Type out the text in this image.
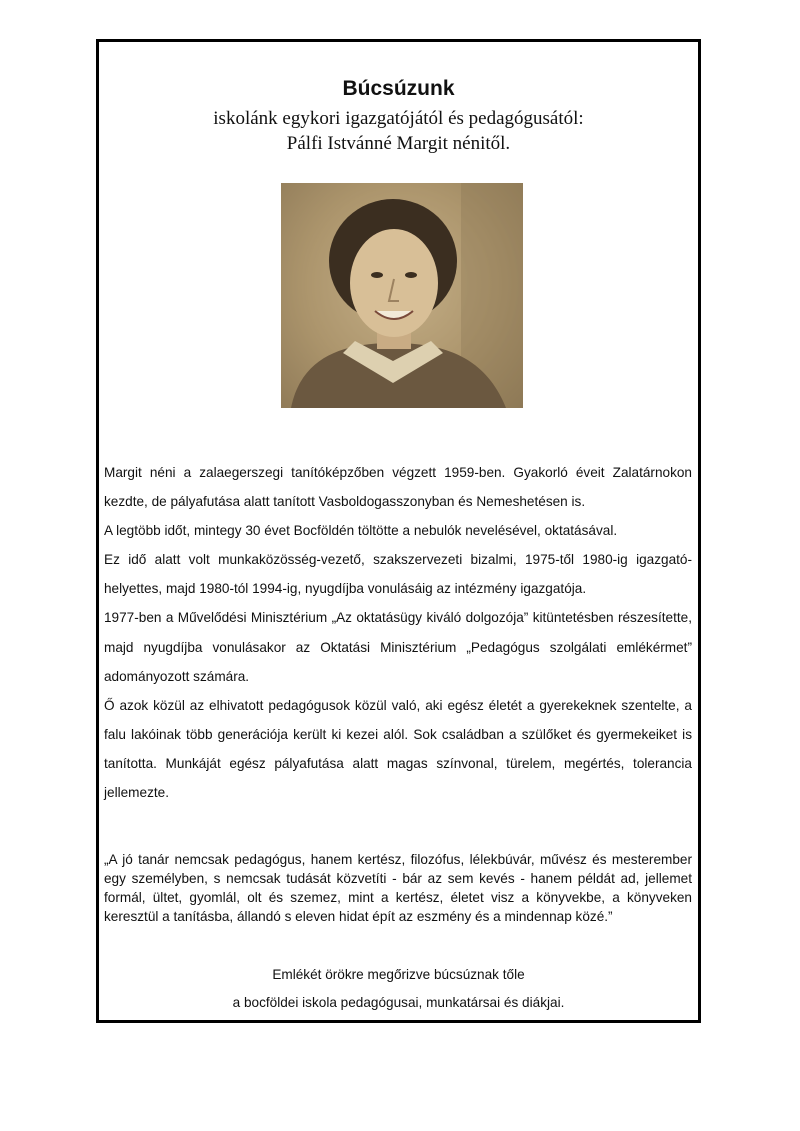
Búcsúzunk
iskolánk egykori igazgatójától és pedagógusától:
Pálfi Istvánné Margit nénitől.

Margit néni a zalaegerszegi tanítóképzőben végzett 1959-ben. Gyakorló éveit Zalatárnokon kezdte, de pályafutása alatt tanított Vasboldogasszonyban és Nemeshetésen is.

A legtöbb időt, mintegy 30 évet Bocföldén töltötte a nebulók nevelésével, oktatásával.

Ez idő alatt volt munkaközösség-vezető, szakszervezeti bizalmi, 1975-től 1980-ig igazgató-helyettes, majd 1980-tól 1994-ig, nyugdíjba vonulásáig az intézmény igazgatója.

1977-ben a Művelődési Minisztérium „Az oktatásügy kiváló dolgozója” kitüntetésben részesítette, majd nyugdíjba vonulásakor az Oktatási Minisztérium „Pedagógus szolgálati emlékérmet” adományozott számára.

Ő azok közül az elhivatott pedagógusok közül való, aki egész életét a gyerekeknek szentelte, a falu lakóinak több generációja került ki kezei alól. Sok családban a szülőket és gyermekeiket is tanította. Munkáját egész pályafutása alatt magas színvonal, türelem, megértés, tolerancia jellemezte.

„A jó tanár nemcsak pedagógus, hanem kertész, filozófus, lélekbúvár, művész és mesterember egy személyben, s nemcsak tudását közvetíti - bár az sem kevés - hanem példát ad, jellemet formál, ültet, gyomlál, olt és szemez, mint a kertész, életet visz a könyvekbe, a könyveken keresztül a tanításba, állandó s eleven hidat épít az eszmény és a mindennap közé.”
Emlékét örökre megőrizve búcsúznak tőle
a bocföldei iskola pedagógusai, munkatársai és diákjai.
